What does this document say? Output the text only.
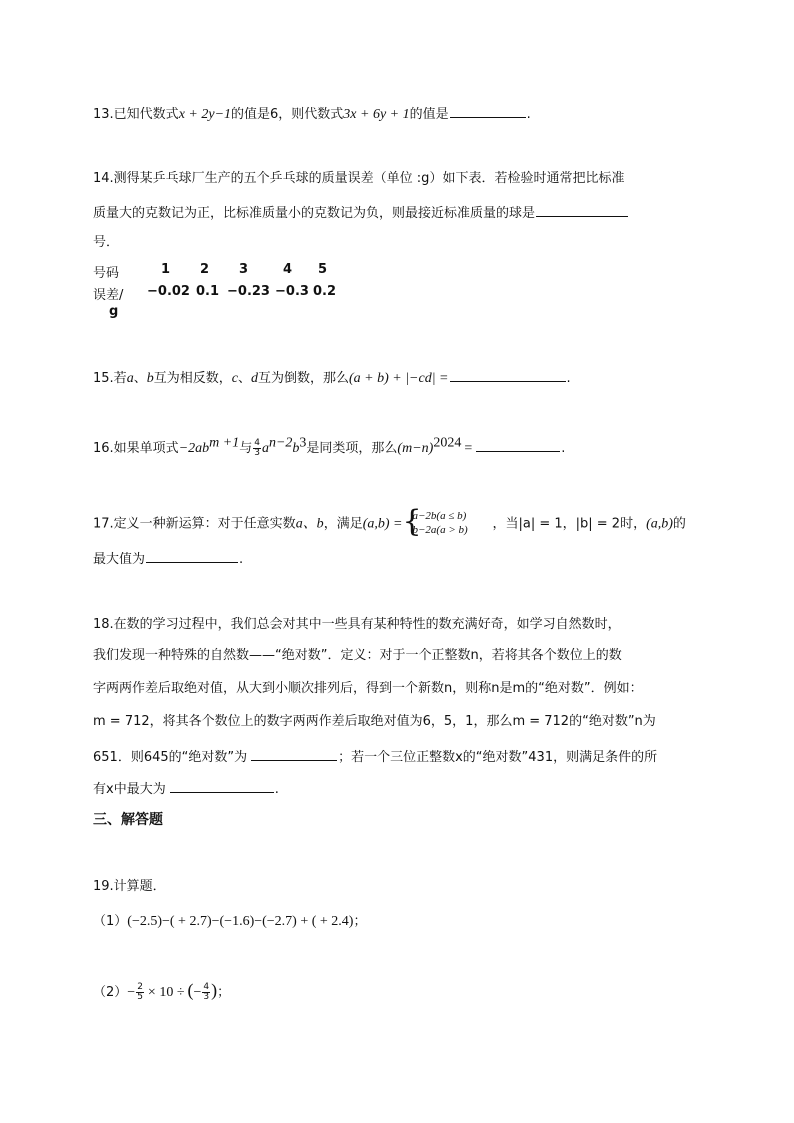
13.已知代数式x + 2y−1的值是6，则代数式3x + 6y + 1的值是	.
14.测得某乒乓球厂生产的五个乒乓球的质量误差（单位 :g）如下表．若检验时通常把比标准
质量大的克数记为正，比标准质量小的克数记为负，则最接近标准质量的球是
号．
号码	1 2 3	4 5
误差/ −0.02 0.1 −0.23 −0.3 0.2
g
15.若a、b互为相反数，c、d互为倒数，那么(a + b) + |−cd| =	.
16.如果单项式$-2ab^{m +1}$与 $\frac{4}{3} a^{n-2}b^3$是同类项，那么$(m-n)^{2024}$ =	.
17.定义一种新运算：对于任意实数a、b，满足(a,b) = {
a−2b(a ≤ b)
b−2a(a > b) ，当|a| = 1，|b| = 2时，(a,b)的
最大值为	.
18.在数的学习过程中，我们总会对其中一些具有某种特性的数充满好奇，如学习自然数时，
我们发现一种特殊的自然数——“绝对数”．定义：对于一个正整数n，若将其各个数位上的数
字两两作差后取绝对值，从大到小顺次排列后，得到一个新数n，则称n是m的“绝对数”．例如：
m = 712，将其各个数位上的数字两两作差后取绝对值为6，5，1，那么m = 712的“绝对数”n为
651．则645的“绝对数”为	；若一个三位正整数x的“绝对数”431，则满足条件的所
有x中最大为	.
三、解答题
19.计算题．
（1）(−2.5)−( + 2.7)−(−1.6)−(−2.7) + ( + 2.4)；
$(2)- \frac{2}{5} \times 10$ ÷ (− $\frac{4}{3}$ )；
